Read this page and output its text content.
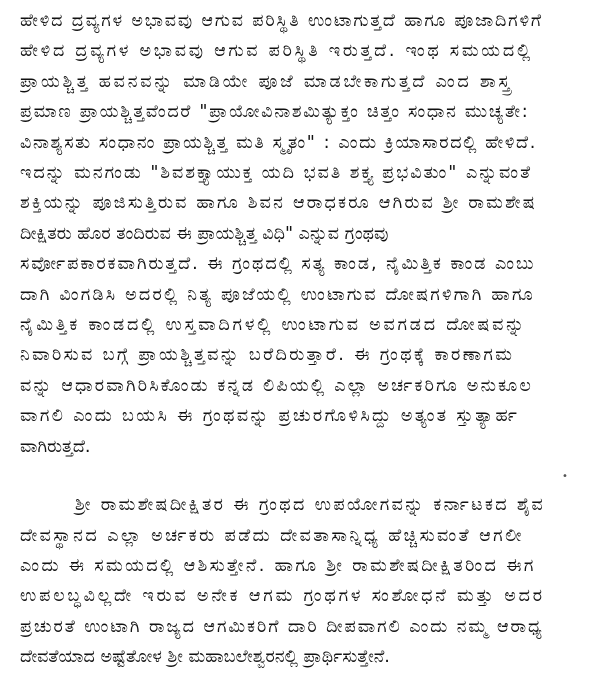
ಹೇಳಿದ ದ್ರವ್ಯಗಳ ಅಭಾವವು ಆಗುವ ಪರಿಸ್ಥಿತಿ ಉಂಟಾಗುತ್ತದೆ ಹಾಗೂ ಪೂಜಾದಿಗಳಿಗೆ

ಹೇಳಿದ ದ್ರವ್ಯಗಳ ಅಭಾವವು ಆಗುವ ಪರಿಸ್ಥಿತಿ ಇರುತ್ತದೆ. ಇಂಥ ಸಮಯದಲ್ಲಿ

ಪ್ರಾಯಶ್ಚಿತ್ತ ಹವನವನ್ನು ಮಾಡಿಯೇ ಪೂಜೆ ಮಾಡಬೇಕಾಗುತ್ತದೆ ಎಂದ ಶಾಸ್ತ್ರ

ಪ್ರಮಾಣ ಪ್ರಾಯಶ್ಚಿತ್ತವೆಂದರೆ "ಪ್ರಾಯೋವಿನಾಶಮಿತ್ಯುಕ್ತಂ ಚಿತ್ತಂ ಸಂಧಾನ ಮುಚ್ಯತೇ:

ವಿನಾಶ್ಯಸತು ಸಂಧಾನಂ ಪ್ರಾಯಶ್ಚಿತ್ತ ಮತಿ ಸ್ಮೃತಂ" : ಎಂದು ಕ್ರಿಯಾಸಾರದಲ್ಲಿ ಹೇಳಿದೆ.

ಇದನ್ನು ಮನಗಂಡು "ಶಿವಶಕ್ತ್ಯಾಯುಕ್ತ ಯದಿ ಭವತಿ ಶಕ್ತ್ಯ ಪ್ರಭವಿತುಂ" ಎನ್ನುವಂತೆ

ಶಕ್ತಿಯನ್ನು ಪೂಜಿಸುತ್ತಿರುವ ಹಾಗೂ ಶಿವನ ಆರಾಧಕರೂ ಆಗಿರುವ ಶ್ರೀ ರಾಮಶೇಷ

ದೀಕ್ಷಿತರು ಹೊರ ತಂದಿರುವ ಈ ಪ್ರಾಯಶ್ಚಿತ್ತ ವಿಧಿ" ಎನ್ನುವ ಗ್ರಂಥವು

ಸರ್ವೋಪಕಾರಕವಾಗಿರುತ್ತದೆ. ಈ ಗ್ರಂಥದಲ್ಲಿ ಸತ್ಯ ಕಾಂಡ, ನೈಮಿತ್ತಿಕ ಕಾಂಡ ಎಂಬು

ದಾಗಿ ವಿಂಗಡಿಸಿ ಅದರಲ್ಲಿ ನಿತ್ಯ ಪೂಜೆಯಲ್ಲಿ ಉಂಟಾಗುವ ದೋಷಗಳಿಗಾಗಿ ಹಾಗೂ

ನೈಮಿತ್ತಿಕ ಕಾಂಡದಲ್ಲಿ ಉಸ್ತವಾದಿಗಳಲ್ಲಿ ಉಂಟಾಗುವ ಅವಗಡದ ದೋಷವನ್ನು

ನಿವಾರಿಸುವ ಬಗ್ಗೆ ಪ್ರಾಯಶ್ಚಿತ್ತವನ್ನು ಬರೆದಿರುತ್ತಾರೆ. ಈ ಗ್ರಂಥಕ್ಕೆ ಕಾರಣಾಗಮ

ವನ್ನು ಆಧಾರವಾಗಿರಿಸಿಕೊಂಡು ಕನ್ನಡ ಲಿಪಿಯಲ್ಲಿ ಎಲ್ಲಾ ಅರ್ಚಕರಿಗೂ ಅನುಕೂಲ

ವಾಗಲಿ ಎಂದು ಬಯಸಿ ಈ ಗ್ರಂಥವನ್ನು ಪ್ರಚುರಗೊಳಿಸಿದ್ದು ಅತ್ಯಂತ ಸ್ತುತ್ಯಾರ್ಹ

ವಾಗಿರುತ್ತದೆ.

ಶ್ರೀ ರಾಮಶೇಷದೀಕ್ಷಿತರ ಈ ಗ್ರಂಥದ ಉಪಯೋಗವನ್ನು ಕರ್ನಾಟಕದ ಶೈವ

ದೇವಸ್ಥಾನದ ಎಲ್ಲಾ ಅರ್ಚಕರು ಪಡೆದು ದೇವತಾಸಾನ್ನಿಧ್ಯ ಹೆಚ್ಚಿಸುವಂತೆ ಆಗಲೀ

ಎಂದು ಈ ಸಮಯದಲ್ಲಿ ಆಶಿಸುತ್ತೇನೆ. ಹಾಗೂ ಶ್ರೀ ರಾಮಶೇಷದೀಕ್ಷಿತರಿಂದ ಈಗ

ಉಪಲಬ್ಧವಿಲ್ಲದೇ ಇರುವ ಅನೇಕ ಆಗಮ ಗ್ರಂಥಗಳ ಸಂಶೋಧನೆ ಮತ್ತು ಅದರ

ಪ್ರಚುರತೆ ಉಂಟಾಗಿ ರಾಜ್ಯದ ಆಗಮಿಕರಿಗೆ ದಾರಿ ದೀಪವಾಗಲಿ ಎಂದು ನಮ್ಮ ಆರಾಧ್ಯ

ದೇವತೆಯಾದ ಅಷ್ಟೆತೋಳ ಶ್ರೀ ಮಹಾಬಲೇಶ್ವರನಲ್ಲಿ ಪ್ರಾರ್ಥಿಸುತ್ತೇನೆ.

•
